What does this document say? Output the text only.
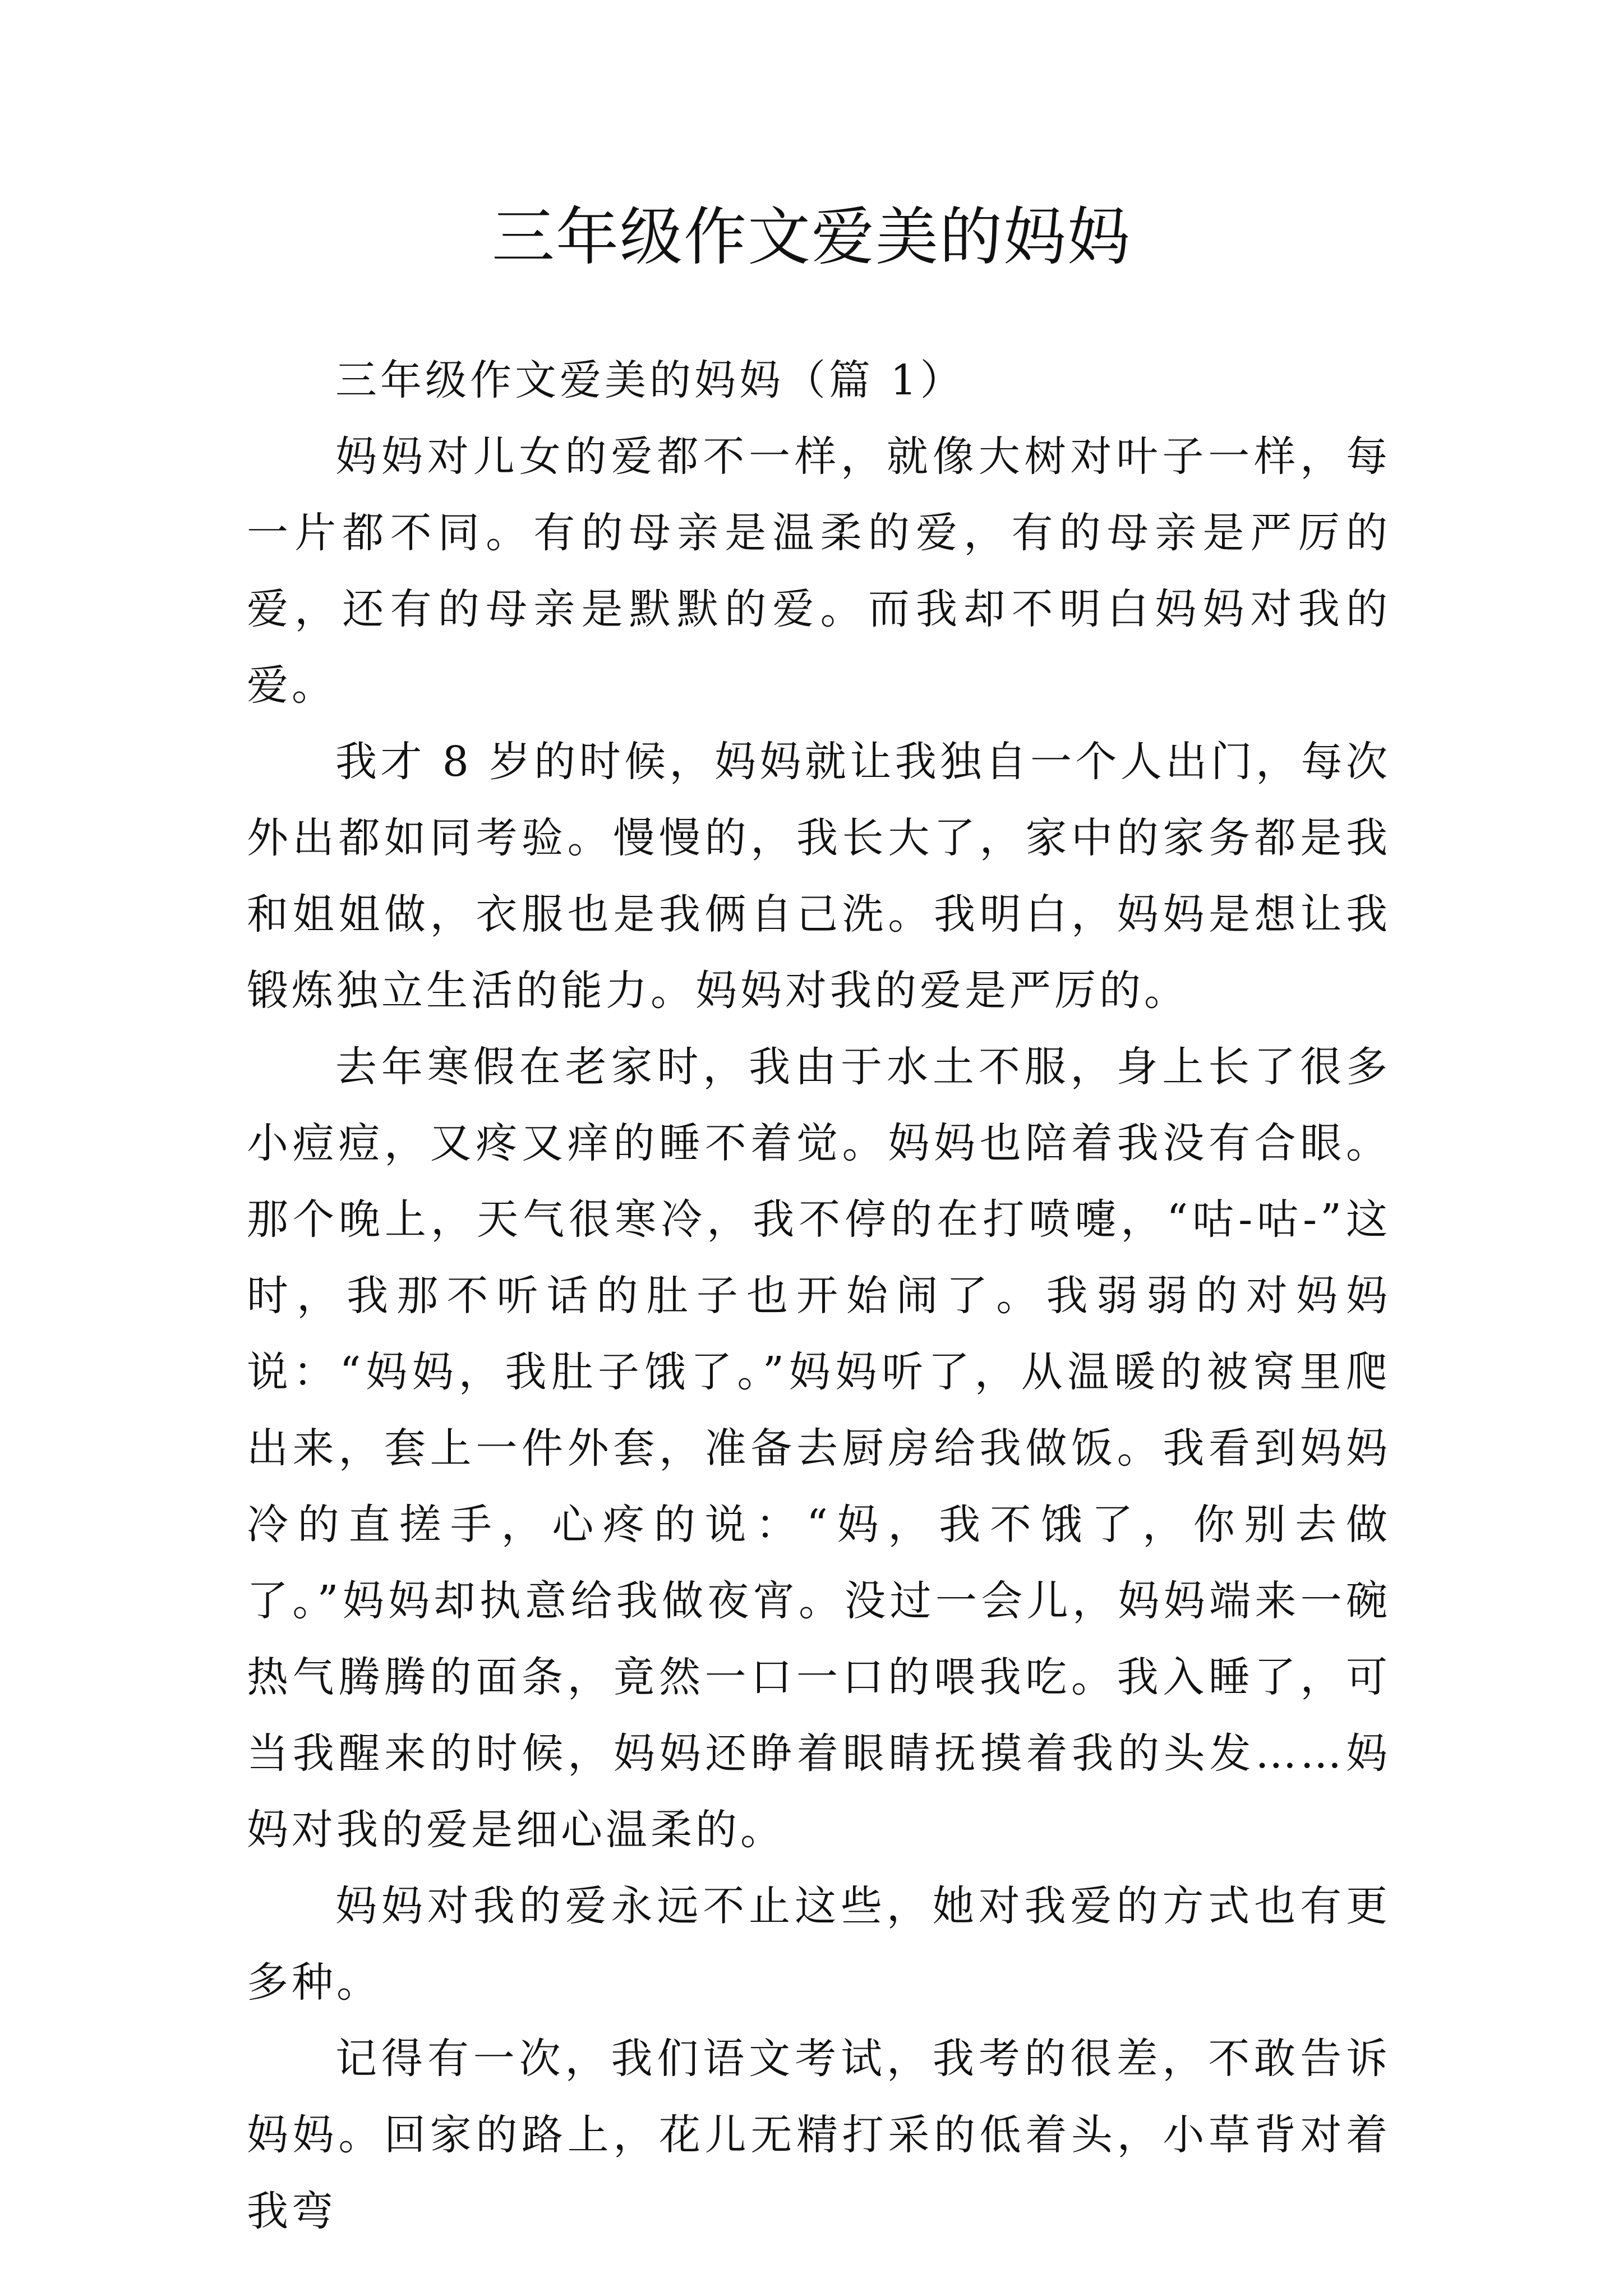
三年级作文爱美的妈妈

三年级作文爱美的妈妈（篇 1）

妈妈对儿女的爱都不一样，就像大树对叶子一样，每一片都不同。有的母亲是温柔的爱，有的母亲是严厉的爱，还有的母亲是默默的爱。而我却不明白妈妈对我的爱。

我才 8 岁的时候，妈妈就让我独自一个人出门，每次外出都如同考验。慢慢的，我长大了，家中的家务都是我和姐姐做，衣服也是我俩自己洗。我明白，妈妈是想让我锻炼独立生活的能力。妈妈对我的爱是严厉的。

去年寒假在老家时，我由于水土不服，身上长了很多小痘痘，又疼又痒的睡不着觉。妈妈也陪着我没有合眼。那个晚上，天气很寒冷，我不停的在打喷嚏，“咕-咕-”这时，我那不听话的肚子也开始闹了。我弱弱的对妈妈说：“妈妈，我肚子饿了。”妈妈听了，从温暖的被窝里爬出来，套上一件外套，准备去厨房给我做饭。我看到妈妈冷的直搓手，心疼的说：“妈，我不饿了，你别去做了。”妈妈却执意给我做夜宵。没过一会儿，妈妈端来一碗热气腾腾的面条，竟然一口一口的喂我吃。我入睡了，可当我醒来的时候，妈妈还睁着眼睛抚摸着我的头发……妈妈对我的爱是细心温柔的。

妈妈对我的爱永远不止这些，她对我爱的方式也有更多种。

记得有一次，我们语文考试，我考的很差，不敢告诉妈妈。回家的路上，花儿无精打采的低着头，小草背对着我弯
